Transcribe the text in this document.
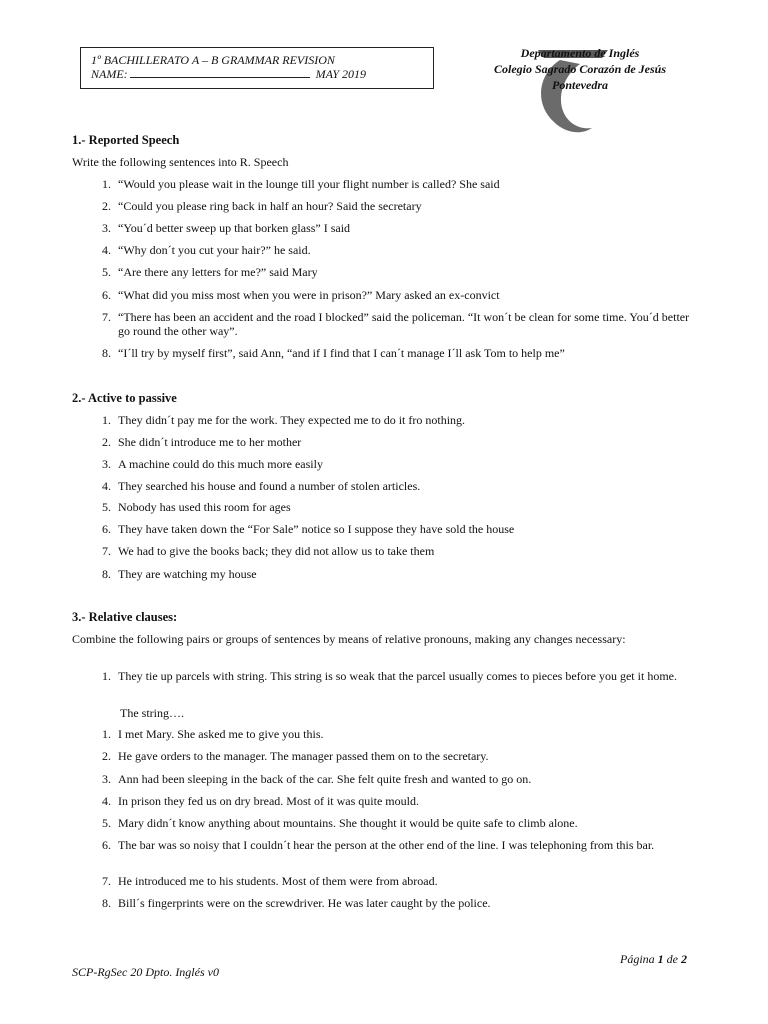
1º BACHILLERATO A – B GRAMMAR REVISION
NAME:	MAY 2019
Departamento de Inglés
Colegio Sagrado Corazón de Jesús
Pontevedra
1.- Reported Speech
Write the following sentences into R. Speech
1. “Would you please wait in the lounge till your flight number is called? She said
2. “Could you please ring back in half an hour? Said the secretary
3. “You´d better sweep up that borken glass” I said
4. “Why don´t you cut your hair?” he said.
5. “Are there any letters for me?” said Mary
6. “What did you miss most when you were in prison?” Mary asked an ex-convict
7. “There has been an accident and the road I blocked” said the policeman. “It won´t be clean for some time. You´d better go round the other way”.
8. “I´ll try by myself first”, said Ann, “and if I find that I can´t manage I´ll ask Tom to help me”
2.- Active to passive
1. They didn´t pay me for the work. They expected me to do it fro nothing.
2. She didn´t introduce me to her mother
3. A machine could do this much more easily
4. They searched his house and found a number of stolen articles.
5. Nobody has used this room for ages
6. They have taken down the “For Sale” notice so I suppose they have sold the house
7. We had to give the books back; they did not allow us to take them
8. They are watching my house
3.- Relative clauses:
Combine the following pairs or groups of sentences by means of relative pronouns, making any changes necessary:
1. They tie up parcels with string. This string is so weak that the parcel usually comes to pieces before you get it home.
The string….
1. I met Mary. She asked me to give you this.
2. He gave orders to the manager. The manager passed them on to the secretary.
3. Ann had been sleeping in the back of the car. She felt quite fresh and wanted to go on.
4. In prison they fed us on dry bread. Most of it was quite mould.
5. Mary didn´t know anything about mountains. She thought it would be quite safe to climb alone.
6. The bar was so noisy that I couldn´t hear the person at the other end of the line. I was telephoning from this bar.
7. He introduced me to his students. Most of them were from abroad.
8. Bill´s fingerprints were on the screwdriver. He was later caught by the police.
Página 1 de 2
SCP-RgSec 20 Dpto. Inglés v0
